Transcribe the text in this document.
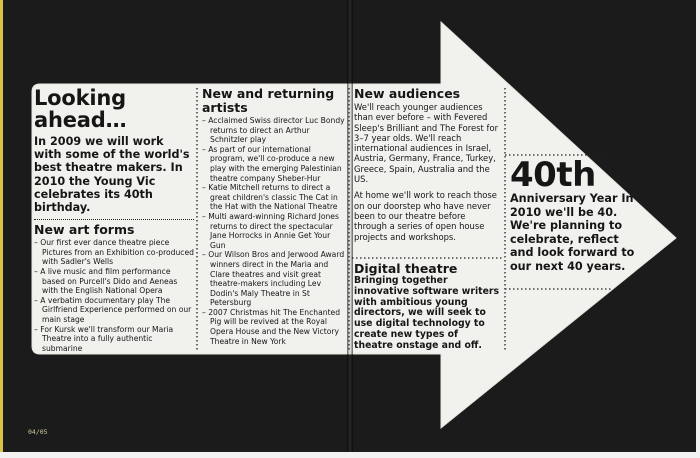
Looking ahead…
In 2009 we will work with some of the world's best theatre makers. In 2010 the Young Vic celebrates its 40th birthday.
New art forms
– Our first ever dance theatre piece Pictures from an Exhibition co-produced with Sadler's Wells
– A live music and film performance based on Purcell's Dido and Aeneas with the English National Opera
– A verbatim documentary play The Girlfriend Experience performed on our main stage
– For Kursk we'll transform our Maria Theatre into a fully authentic submarine
New and returning artists
– Acclaimed Swiss director Luc Bondy returns to direct an Arthur Schnitzler play
– As part of our international program, we'll co-produce a new play with the emerging Palestinian theatre company Sheber-Hur
– Katie Mitchell returns to direct a great children's classic The Cat in the Hat with the National Theatre
– Multi award-winning Richard Jones returns to direct the spectacular Jane Horrocks in Annie Get Your Gun
– Our Wilson Bros and Jerwood Award winners direct in the Maria and Clare theatres and visit great theatre-makers including Lev Dodin's Maly Theatre in St Petersburg
– 2007 Christmas hit The Enchanted Pig will be revived at the Royal Opera House and the New Victory Theatre in New York
New audiences

We'll reach younger audiences than ever before – with Fevered Sleep's Brilliant and The Forest for 3–7 year olds. We'll reach international audiences in Israel, Austria, Germany, France, Turkey, Greece, Spain, Australia and the US.

At home we'll work to reach those on our doorstep who have never been to our theatre before through a series of open house projects and workshops.

Digital theatre

Bringing together innovative software writers with ambitious young directors, we will seek to use digital technology to create new types of theatre onstage and off.

40th
Anniversary Year In 2010 we'll be 40. We're planning to celebrate, reflect and look forward to our next 40 years.
04/05
